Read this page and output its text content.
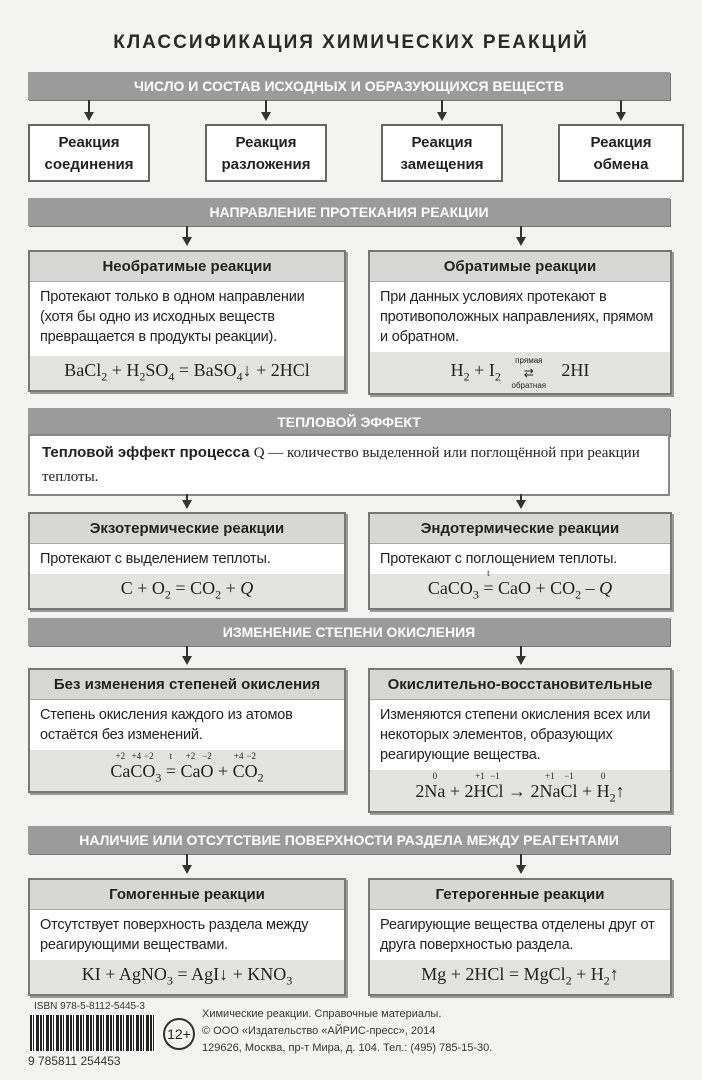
КЛАССИФИКАЦИЯ ХИМИЧЕСКИХ РЕАКЦИЙ
ЧИСЛО И СОСТАВ ИСХОДНЫХ И ОБРАЗУЮЩИХСЯ ВЕЩЕСТВ
Реакция
соединения
Реакция
разложения
Реакция
замещения
Реакция
обмена
НАПРАВЛЕНИЕ ПРОТЕКАНИЯ РЕАКЦИИ
Необратимые реакции
Протекают только в одном направлении (хотя бы одно из исходных веществ превращается в продукты реакции).
BaCl$_2$ + $H_2SO_4$ = BaSO$_4$↓ + 2HCl
Обратимые реакции
При данных условиях протекают в противоположных направлениях, прямом и обратном.
$H_2 + I_2$
прямая
⇄
обратная
2HI
ТЕПЛОВОЙ ЭФФЕКТ
Тепловой эффект процесса Q — количество выделенной или поглощённой при реакции теплоты.
Экзотермические реакции
Протекают с выделением теплоты.
$C + O_2 = CO_2 + Q$
Эндотермические реакции
Протекают с поглощением теплоты.
CaCO$_3$
t
= CaO + $CO_2$ – Q
ИЗМЕНЕНИЕ СТЕПЕНИ ОКИСЛЕНИЯ
Без изменения степеней окисления
Степень окисления каждого из атомов остаётся без изменений.
+2
Ca
+4
C
−2
$O_3$
t
=
+2
Ca
−2
O +
+4
C
−2
$O_2$
Окислительно-восстановительные
Изменяются степени окисления всех или некоторых элементов, образующих реагирующие вещества.
2
0
Na + 2
+1
H
−1
Cl → 2
+1
Na
−1
Cl +
0
$H_2↑$
НАЛИЧИЕ ИЛИ ОТСУТСТВИЕ ПОВЕРХНОСТИ РАЗДЕЛА МЕЖДУ РЕАГЕНТАМИ
Гомогенные реакции
Отсутствует поверхность раздела между реагирующими веществами.
KI + AgNO$_3$ = AgI↓ + $KNO_3$
Гетерогенные реакции
Реагирующие вещества отделены друг от друга поверхностью раздела.
Mg + 2HCl = MgCl$_2$ + $H_2↑$
ISBN 978-5-8112-5445-3
9 785811 254453
12+
Химические реакции. Справочные материалы.
© ООО «Издательство «АЙРИС-пресс», 2014
129626, Москва, пр-т Мира, д. 104. Тел.: (495) 785-15-30.
